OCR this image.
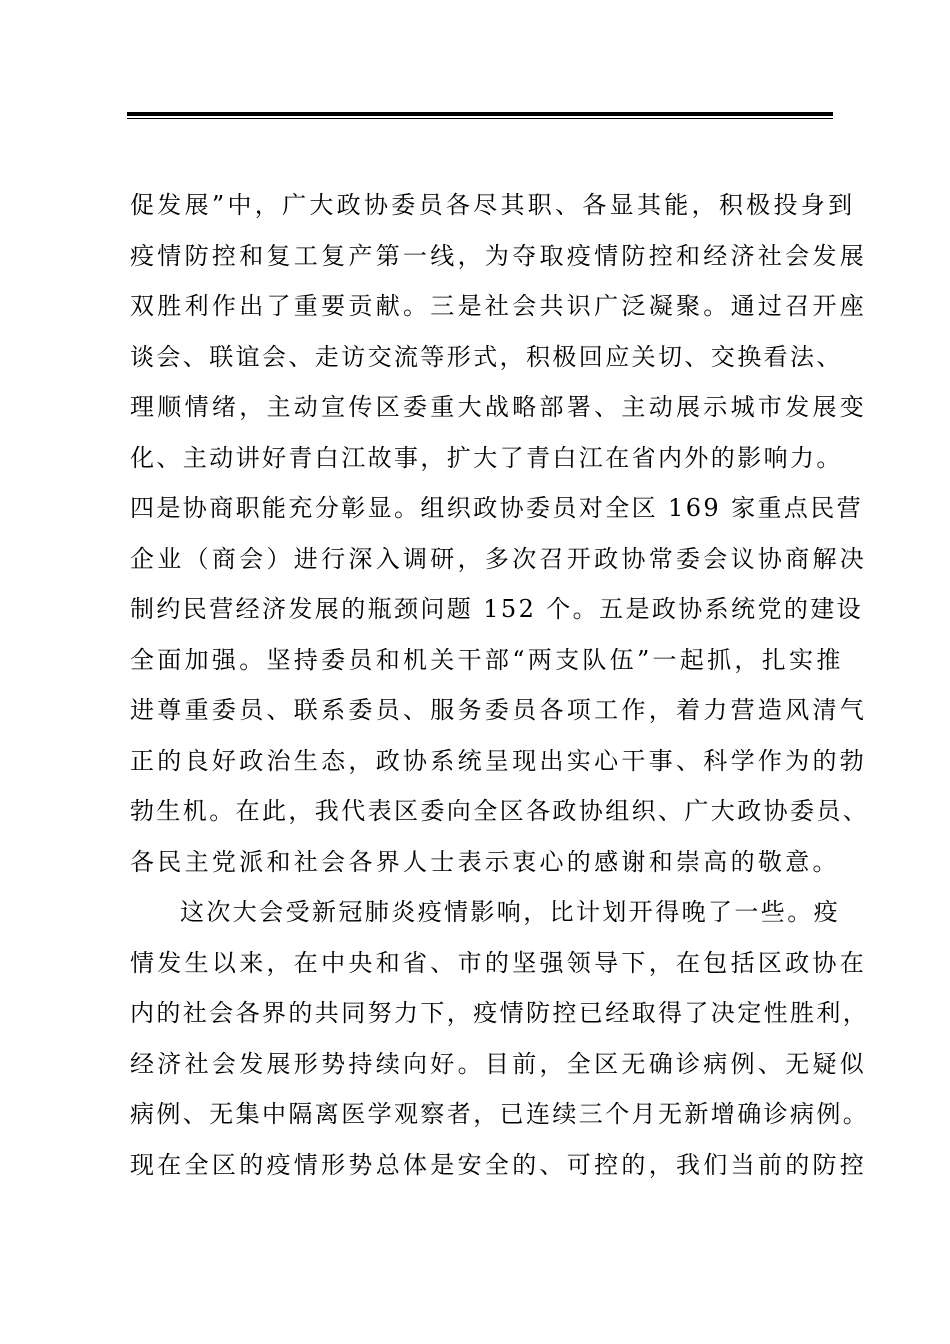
促发展”中，广大政协委员各尽其职、各显其能，积极投身到
疫情防控和复工复产第一线，为夺取疫情防控和经济社会发展
双胜利作出了重要贡献。三是社会共识广泛凝聚。通过召开座
谈会、联谊会、走访交流等形式，积极回应关切、交换看法、
理顺情绪，主动宣传区委重大战略部署、主动展示城市发展变
化、主动讲好青白江故事，扩大了青白江在省内外的影响力。
四是协商职能充分彰显。组织政协委员对全区 169 家重点民营
企业（商会）进行深入调研，多次召开政协常委会议协商解决
制约民营经济发展的瓶颈问题 152 个。五是政协系统党的建设
全面加强。坚持委员和机关干部“两支队伍”一起抓，扎实推
进尊重委员、联系委员、服务委员各项工作，着力营造风清气
正的良好政治生态，政协系统呈现出实心干事、科学作为的勃
勃生机。在此，我代表区委向全区各政协组织、广大政协委员、
各民主党派和社会各界人士表示衷心的感谢和崇高的敬意。
这次大会受新冠肺炎疫情影响，比计划开得晚了一些。疫
情发生以来，在中央和省、市的坚强领导下，在包括区政协在
内的社会各界的共同努力下，疫情防控已经取得了决定性胜利，
经济社会发展形势持续向好。目前，全区无确诊病例、无疑似
病例、无集中隔离医学观察者，已连续三个月无新增确诊病例。
现在全区的疫情形势总体是安全的、可控的，我们当前的防控
